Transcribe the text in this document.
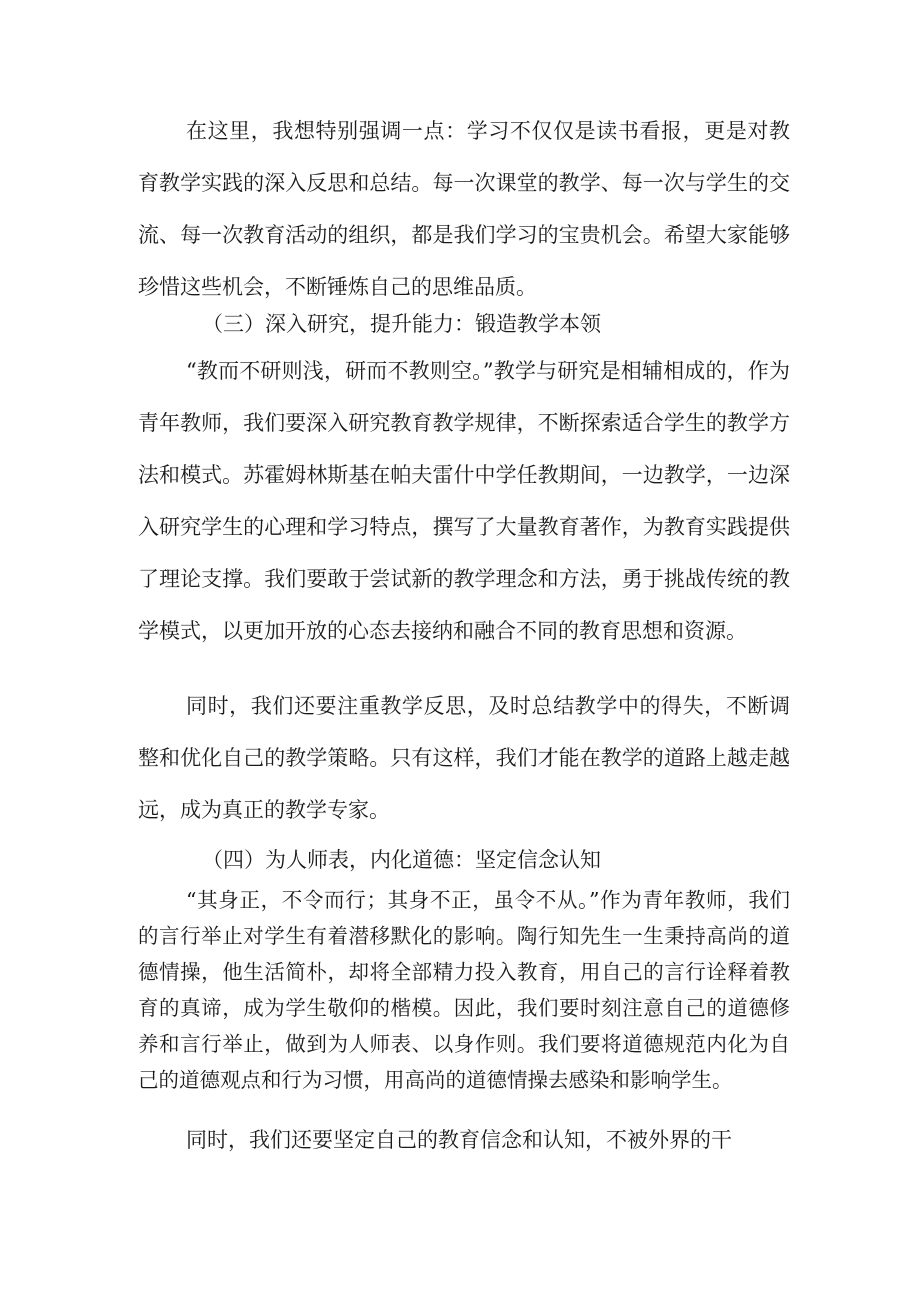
在这里，我想特别强调一点：学习不仅仅是读书看报，更是对教育教学实践的深入反思和总结。每一次课堂的教学、每一次与学生的交流、每一次教育活动的组织，都是我们学习的宝贵机会。希望大家能够珍惜这些机会，不断锤炼自己的思维品质。

（三）深入研究，提升能力：锻造教学本领

“教而不研则浅，研而不教则空。”教学与研究是相辅相成的，作为青年教师，我们要深入研究教育教学规律，不断探索适合学生的教学方法和模式。苏霍姆林斯基在帕夫雷什中学任教期间，一边教学，一边深入研究学生的心理和学习特点，撰写了大量教育著作，为教育实践提供了理论支撑。我们要敢于尝试新的教学理念和方法，勇于挑战传统的教学模式，以更加开放的心态去接纳和融合不同的教育思想和资源。

同时，我们还要注重教学反思，及时总结教学中的得失，不断调整和优化自己的教学策略。只有这样，我们才能在教学的道路上越走越远，成为真正的教学专家。

（四）为人师表，内化道德：坚定信念认知

“其身正，不令而行；其身不正，虽令不从。”作为青年教师，我们的言行举止对学生有着潜移默化的影响。陶行知先生一生秉持高尚的道德情操，他生活简朴，却将全部精力投入教育，用自己的言行诠释着教育的真谛，成为学生敬仰的楷模。因此，我们要时刻注意自己的道德修养和言行举止，做到为人师表、以身作则。我们要将道德规范内化为自己的道德观点和行为习惯，用高尚的道德情操去感染和影响学生。

同时，我们还要坚定自己的教育信念和认知，不被外界的干
